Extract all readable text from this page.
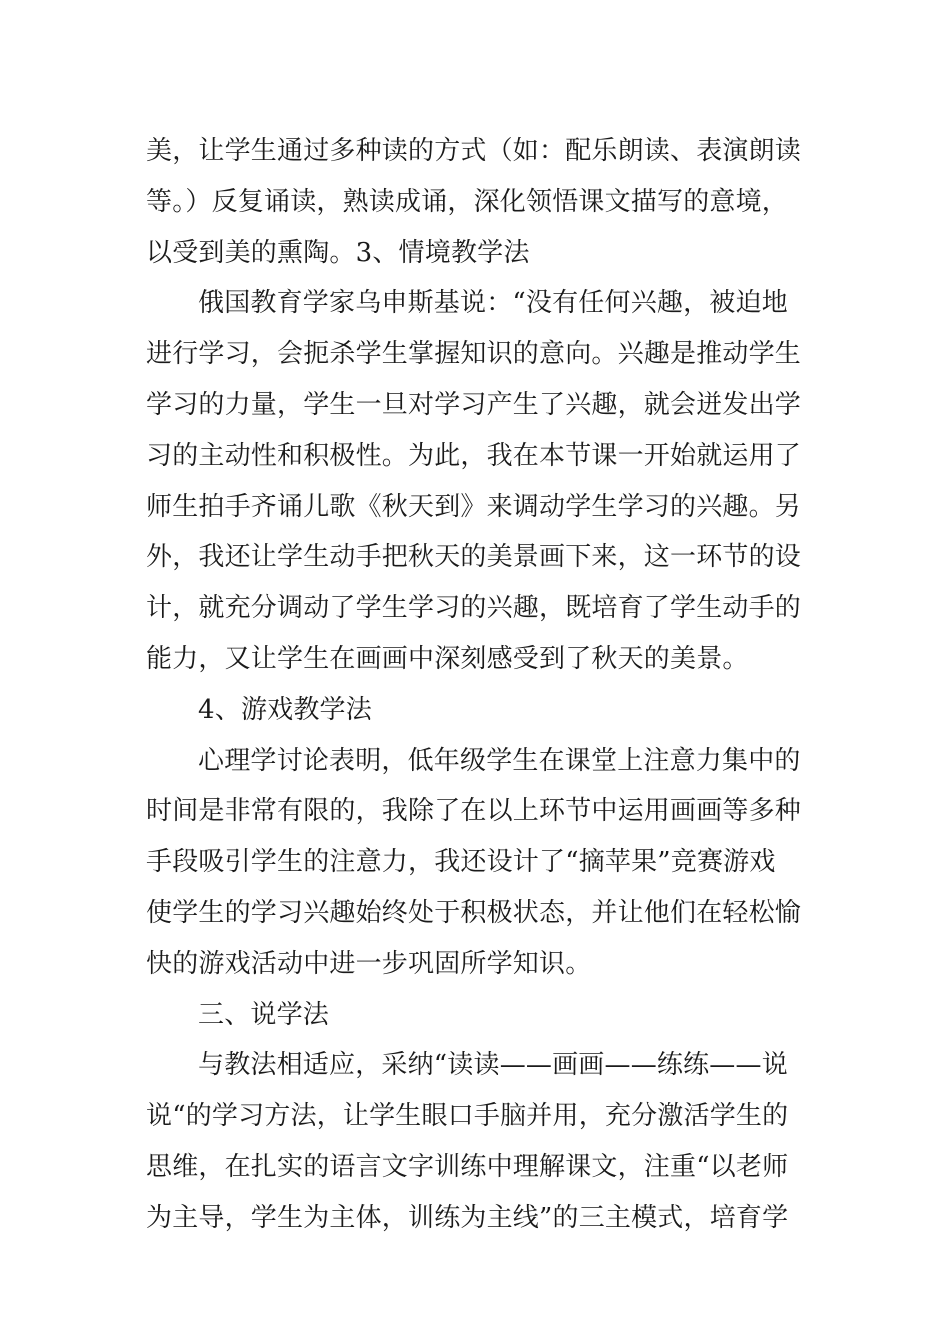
美，让学生通过多种读的方式（如：配乐朗读、表演朗读
等。）反复诵读，熟读成诵，深化领悟课文描写的意境，
以受到美的熏陶。3、情境教学法
俄国教育学家乌申斯基说：“没有任何兴趣，被迫地
进行学习，会扼杀学生掌握知识的意向。兴趣是推动学生
学习的力量，学生一旦对学习产生了兴趣，就会迸发出学
习的主动性和积极性。为此，我在本节课一开始就运用了
师生拍手齐诵儿歌《秋天到》来调动学生学习的兴趣。另
外，我还让学生动手把秋天的美景画下来，这一环节的设
计，就充分调动了学生学习的兴趣，既培育了学生动手的
能力，又让学生在画画中深刻感受到了秋天的美景。
4、游戏教学法
心理学讨论表明，低年级学生在课堂上注意力集中的
时间是非常有限的，我除了在以上环节中运用画画等多种
手段吸引学生的注意力，我还设计了“摘苹果”竞赛游戏
使学生的学习兴趣始终处于积极状态，并让他们在轻松愉
快的游戏活动中进一步巩固所学知识。
三、说学法
与教法相适应，采纳“读读——画画——练练——说
说“的学习方法，让学生眼口手脑并用，充分激活学生的
思维，在扎实的语言文字训练中理解课文，注重“以老师
为主导，学生为主体，训练为主线”的三主模式，培育学
